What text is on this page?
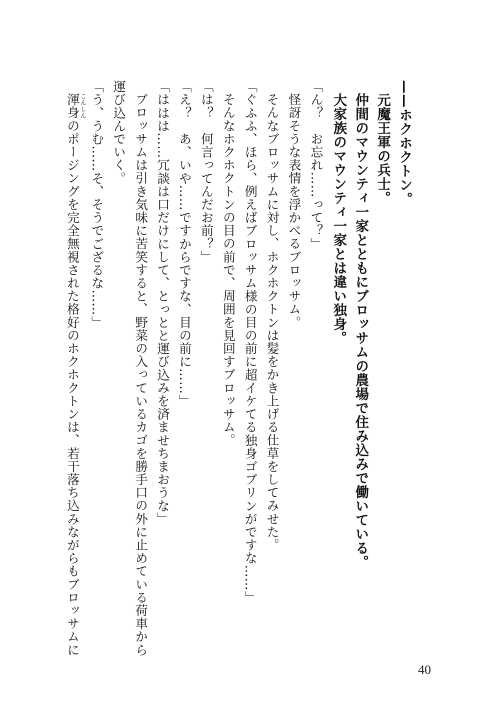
——ホクホクトン。
元魔王軍の兵士。
仲間のマウンティ一家とともにブロッサムの農場で住み込みで働いている。
大家族のマウンティ一家とは違い独身。
「ん？　お忘れ……って？」
怪訝そうな表情を浮かべるブロッサム。
そんなブロッサムに対し、ホクホクトンは髪をかき上げる仕草をしてみせた。
「ぐふふ、ほら、例えばブロッサム様の目の前に超イケてる独身ゴブリンがですな……」
そんなホクホクトンの目の前で、周囲を見回すブロッサム。
「は？　何言ってんだお前？」
「え？　あ、いや……ですからですな、目の前に……」
「ははは……冗談は口だけにして、とっとと運び込みを済ませちまおうな」
ブロッサムは引き気味に苦笑すると、野菜の入っているカゴを勝手口の外に止めている荷車から
運び込んでいく。
「う、うむ……そ、そうでござるな……」
渾身 こんしんのポージングを完全無視された格好のホクホクトンは、若干落ち込みながらもブロッサムに
40
